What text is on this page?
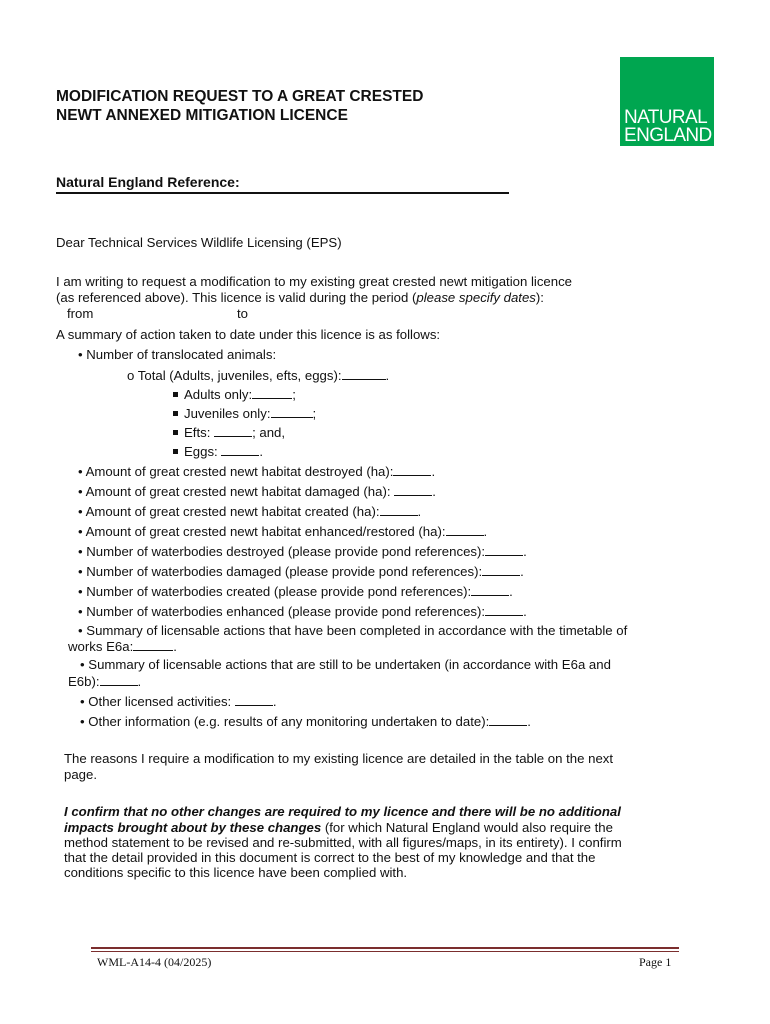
MODIFICATION REQUEST TO A GREAT CRESTED
NEWT ANNEXED MITIGATION LICENCE	NATURAL
ENGLAND
Natural England Reference:
Dear Technical Services Wildlife Licensing (EPS)
I am writing to request a modification to my existing great crested newt mitigation licence
(as referenced above). This licence is valid during the period (please specify dates):
from	to
A summary of action taken to date under this licence is as follows:
• Number of translocated animals:
o Total (Adults, juveniles, efts, eggs):	.
Adults only:	;
Juveniles only:	;
Efts:	; and,
Eggs:	.
• Amount of great crested newt habitat destroyed (ha):	.
• Amount of great crested newt habitat damaged (ha):	.
• Amount of great crested newt habitat created (ha):	.
• Amount of great crested newt habitat enhanced/restored (ha):	.
• Number of waterbodies destroyed (please provide pond references):	.
• Number of waterbodies damaged (please provide pond references):	.
• Number of waterbodies created (please provide pond references):	.
• Number of waterbodies enhanced (please provide pond references):	.
• Summary of licensable actions that have been completed in accordance with the timetable of
works E6a:	.
• Summary of licensable actions that are still to be undertaken (in accordance with E6a and
E6b):	.
• Other licensed activities:	.
• Other information (e.g. results of any monitoring undertaken to date):	.
The reasons I require a modification to my existing licence are detailed in the table on the next
page.
I confirm that no other changes are required to my licence and there will be no additional
impacts brought about by these changes (for which Natural England would also require the
method statement to be revised and re-submitted, with all figures/maps, in its entirety). I confirm
that the detail provided in this document is correct to the best of my knowledge and that the
conditions specific to this licence have been complied with.
WML-A14-4 (04/2025)	Page 1
